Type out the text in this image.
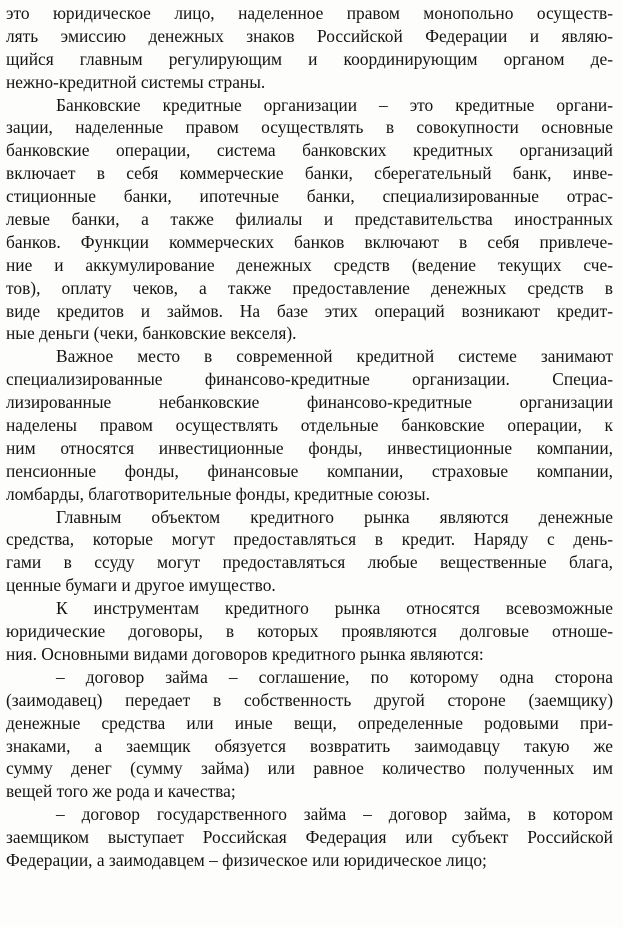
это юридическое лицо, наделенное правом монопольно осуществ-
лять эмиссию денежных знаков Российской Федерации и являю-
щийся главным регулирующим и координирующим органом де-
нежно-кредитной системы страны.
Банковские кредитные организации – это кредитные органи-
зации, наделенные правом осуществлять в совокупности основные
банковские операции, система банковских кредитных организаций
включает в себя коммерческие банки, сберегательный банк, инве-
стиционные банки, ипотечные банки, специализированные отрас-
левые банки, а также филиалы и представительства иностранных
банков. Функции коммерческих банков включают в себя привлече-
ние и аккумулирование денежных средств (ведение текущих сче-
тов), оплату чеков, а также предоставление денежных средств в
виде кредитов и займов. На базе этих операций возникают кредит-
ные деньги (чеки, банковские векселя).
Важное место в современной кредитной системе занимают
специализированные финансово-кредитные организации. Специа-
лизированные небанковские финансово-кредитные организации
наделены правом осуществлять отдельные банковские операции, к
ним относятся инвестиционные фонды, инвестиционные компании,
пенсионные фонды, финансовые компании, страховые компании,
ломбарды, благотворительные фонды, кредитные союзы.
Главным объектом кредитного рынка являются денежные
средства, которые могут предоставляться в кредит. Наряду с день-
гами в ссуду могут предоставляться любые вещественные блага,
ценные бумаги и другое имущество.
К инструментам кредитного рынка относятся всевозможные
юридические договоры, в которых проявляются долговые отноше-
ния. Основными видами договоров кредитного рынка являются:
– договор займа – соглашение, по которому одна сторона
(заимодавец) передает в собственность другой стороне (заемщику)
денежные средства или иные вещи, определенные родовыми при-
знаками, а заемщик обязуется возвратить заимодавцу такую же
сумму денег (сумму займа) или равное количество полученных им
вещей того же рода и качества;
– договор государственного займа – договор займа, в котором
заемщиком выступает Российская Федерация или субъект Российской
Федерации, а заимодавцем – физическое или юридическое лицо;
